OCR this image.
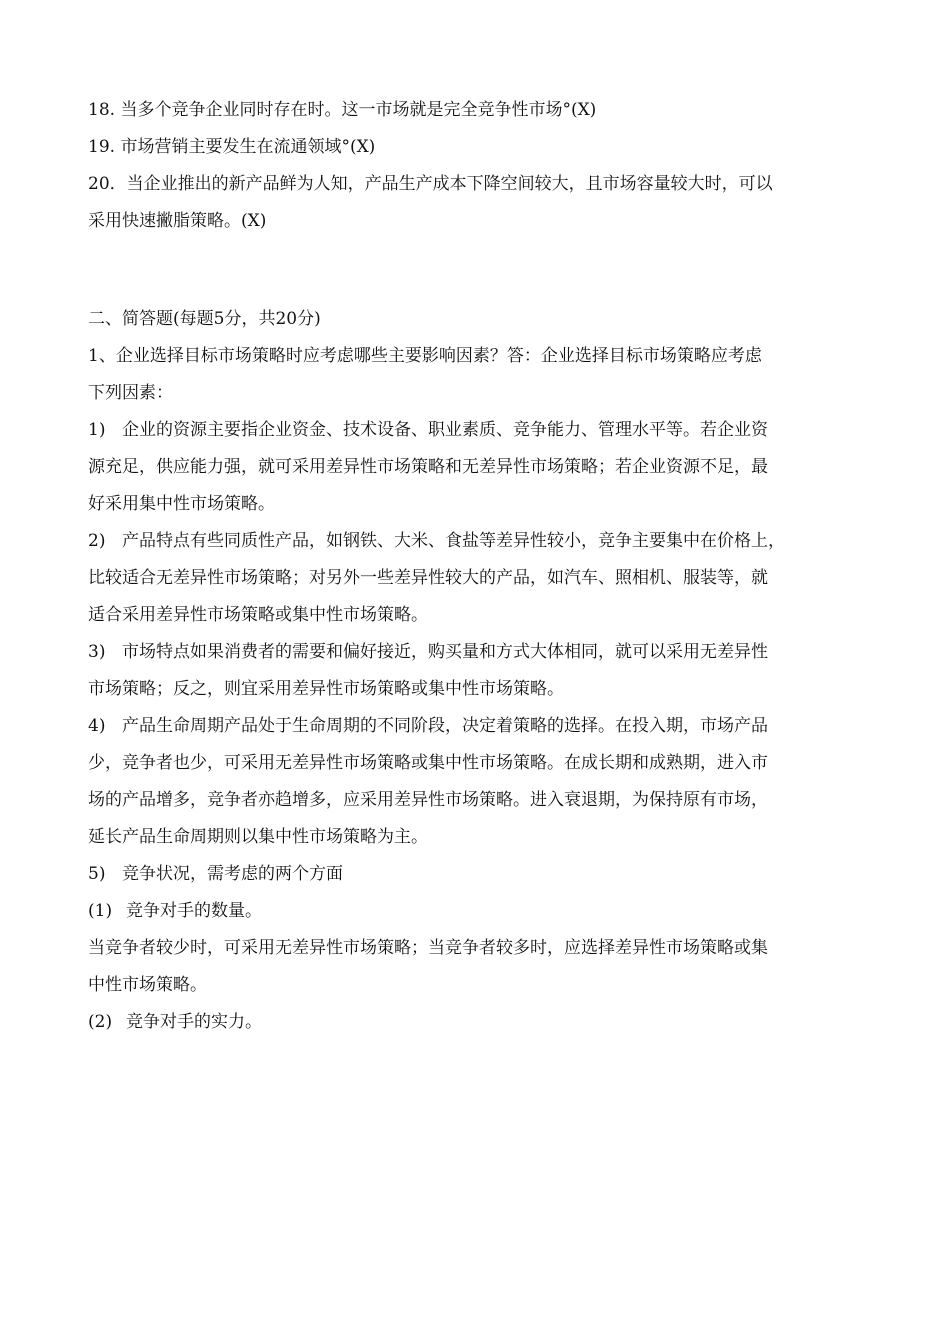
18. 当多个竞争企业同时存在时。这一市场就是完全竞争性市场°(X)

19. 市场营销主要发生在流通领域°(X)

20．当企业推出的新产品鲜为人知，产品生产成本下降空间较大，且市场容量较大时，可以

采用快速撇脂策略。(X)

二、简答题(每题5分，共20分)

1、企业选择目标市场策略时应考虑哪些主要影响因素？答：企业选择目标市场策略应考虑

下列因素：

1) 企业的资源主要指企业资金、技术设备、职业素质、竞争能力、管理水平等。若企业资

源充足，供应能力强，就可采用差异性市场策略和无差异性市场策略；若企业资源不足，最

好采用集中性市场策略。

2) 产品特点有些同质性产品，如钢铁、大米、食盐等差异性较小，竞争主要集中在价格上，

比较适合无差异性市场策略；对另外一些差异性较大的产品，如汽车、照相机、服装等，就

适合采用差异性市场策略或集中性市场策略。

3) 市场特点如果消费者的需要和偏好接近，购买量和方式大体相同，就可以采用无差异性

市场策略；反之，则宜采用差异性市场策略或集中性市场策略。

4) 产品生命周期产品处于生命周期的不同阶段，决定着策略的选择。在投入期，市场产品

少，竞争者也少，可采用无差异性市场策略或集中性市场策略。在成长期和成熟期，进入市

场的产品增多，竞争者亦趋增多，应采用差异性市场策略。进入衰退期，为保持原有市场，

延长产品生命周期则以集中性市场策略为主。

5) 竞争状况，需考虑的两个方面

(1) 竞争对手的数量。

当竞争者较少时，可采用无差异性市场策略；当竞争者较多时，应选择差异性市场策略或集

中性市场策略。

(2) 竞争对手的实力。
